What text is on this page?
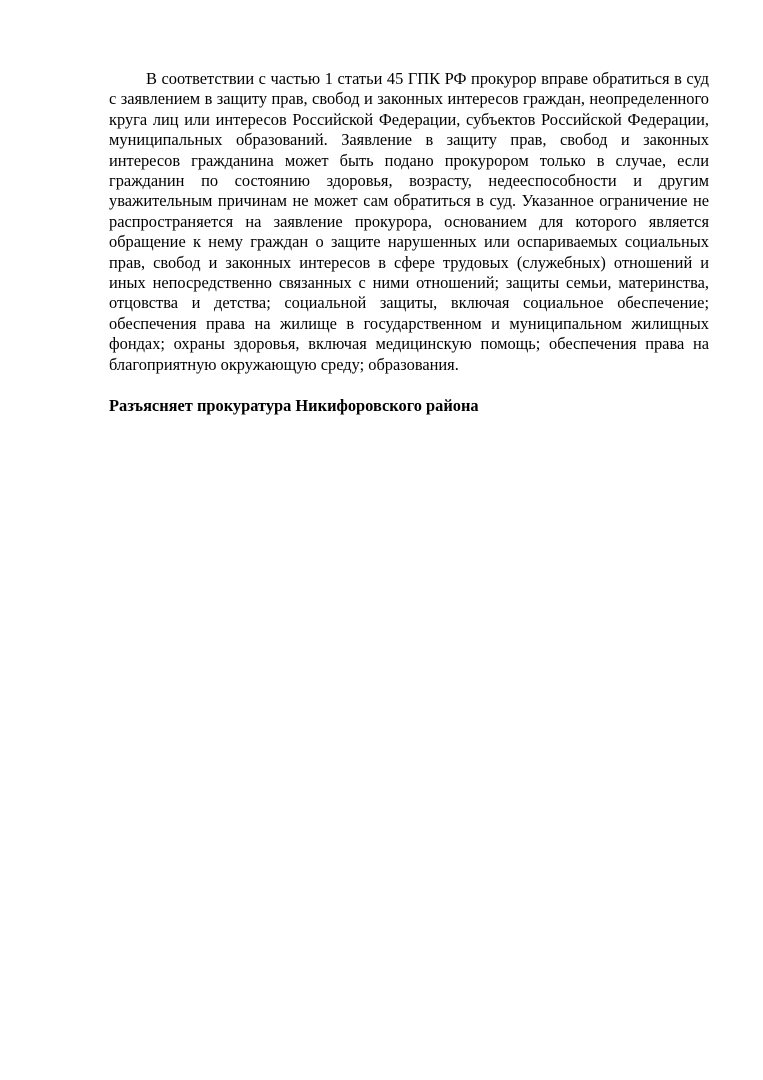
В соответствии с частью 1 статьи 45 ГПК РФ прокурор вправе обратиться в суд с заявлением в защиту прав, свобод и законных интересов граждан, неопределенного круга лиц или интересов Российской Федерации, субъектов Российской Федерации, муниципальных образований. Заявление в защиту прав, свобод и законных интересов гражданина может быть подано прокурором только в случае, если гражданин по состоянию здоровья, возрасту, недееспособности и другим уважительным причинам не может сам обратиться в суд. Указанное ограничение не распространяется на заявление прокурора, основанием для которого является обращение к нему граждан о защите нарушенных или оспариваемых социальных прав, свобод и законных интересов в сфере трудовых (служебных) отношений и иных непосредственно связанных с ними отношений; защиты семьи, материнства, отцовства и детства; социальной защиты, включая социальное обеспечение; обеспечения права на жилище в государственном и муниципальном жилищных фондах; охраны здоровья, включая медицинскую помощь; обеспечения права на благоприятную окружающую среду; образования.

Разъясняет прокуратура Никифоровского района
